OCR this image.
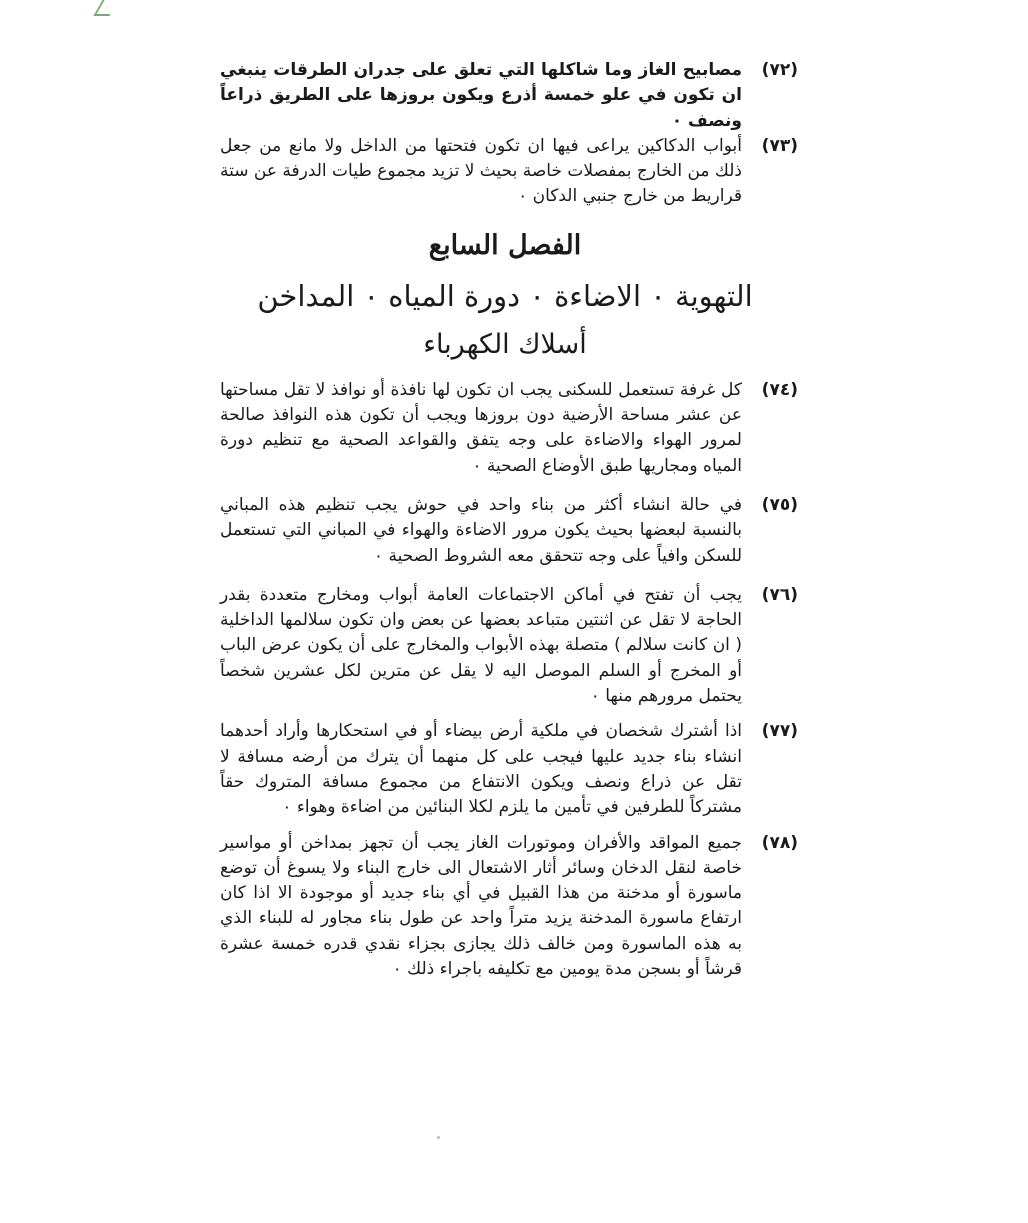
(٧٢)
مصابيح الغاز وما شاكلها التي تعلق على جدران الطرقات ينبغي ان تكون في علو خمسة أذرع ويكون بروزها على الطريق ذراعاً ونصف ٠
(٧٣)
أبواب الدكاكين يراعى فيها ان تكون فتحتها من الداخل ولا مانع من جعل ذلك من الخارج بمفصلات خاصة بحيث لا تزيد مجموع طيات الدرفة عن ستة قراريط من خارج جنبي الدكان ٠
الفصل السابع
التهوية ٠ الاضاءة ٠ دورة المياه ٠ المداخن
أسلاك الكهرباء
(٧٤)
كل غرفة تستعمل للسكنى يجب ان تكون لها نافذة أو نوافذ لا تقل مساحتها عن عشر مساحة الأرضية دون بروزها ويجب أن تكون هذه النوافذ صالحة لمرور الهواء والاضاءة على وجه يتفق والقواعد الصحية مع تنظيم دورة المياه ومجاريها طبق الأوضاع الصحية ٠
(٧٥)
في حالة انشاء أكثر من بناء واحد في حوش يجب تنظيم هذه المباني بالنسبة لبعضها بحيث يكون مرور الاضاءة والهواء في المباني التي تستعمل للسكن وافياً على وجه تتحقق معه الشروط الصحية ٠
(٧٦)
يجب أن تفتح في أماكن الاجتماعات العامة أبواب ومخارج متعددة بقدر الحاجة لا تقل عن اثنتين متباعد بعضها عن بعض وان تكون سلالمها الداخلية ( ان كانت سلالم ) متصلة بهذه الأبواب والمخارج على أن يكون عرض الباب أو المخرج أو السلم الموصل اليه لا يقل عن مترين لكل عشرين شخصاً يحتمل مرورهم منها ٠
(٧٧)
اذا أشترك شخصان في ملكية أرض بيضاء أو في استحكارها وأراد أحدهما انشاء بناء جديد عليها فيجب على كل منهما أن يترك من أرضه مسافة لا تقل عن ذراع ونصف ويكون الانتفاع من مجموع مسافة المتروك حقاً مشتركاً للطرفين في تأمين ما يلزم لكلا البنائين من اضاءة وهواء ٠
(٧٨)
جميع المواقد والأفران وموتورات الغاز يجب أن تجهز بمداخن أو مواسير خاصة لنقل الدخان وسائر أثار الاشتعال الى خارج البناء ولا يسوغ أن توضع ماسورة أو مدخنة من هذا القبيل في أي بناء جديد أو موجودة الا اذا كان ارتفاع ماسورة المدخنة يزيد متراً واحد عن طول بناء مجاور له للبناء الذي به هذه الماسورة ومن خالف ذلك يجازى بجزاء نقدي قدره خمسة عشرة قرشاً أو بسجن مدة يومين مع تكليفه باجراء ذلك ٠
